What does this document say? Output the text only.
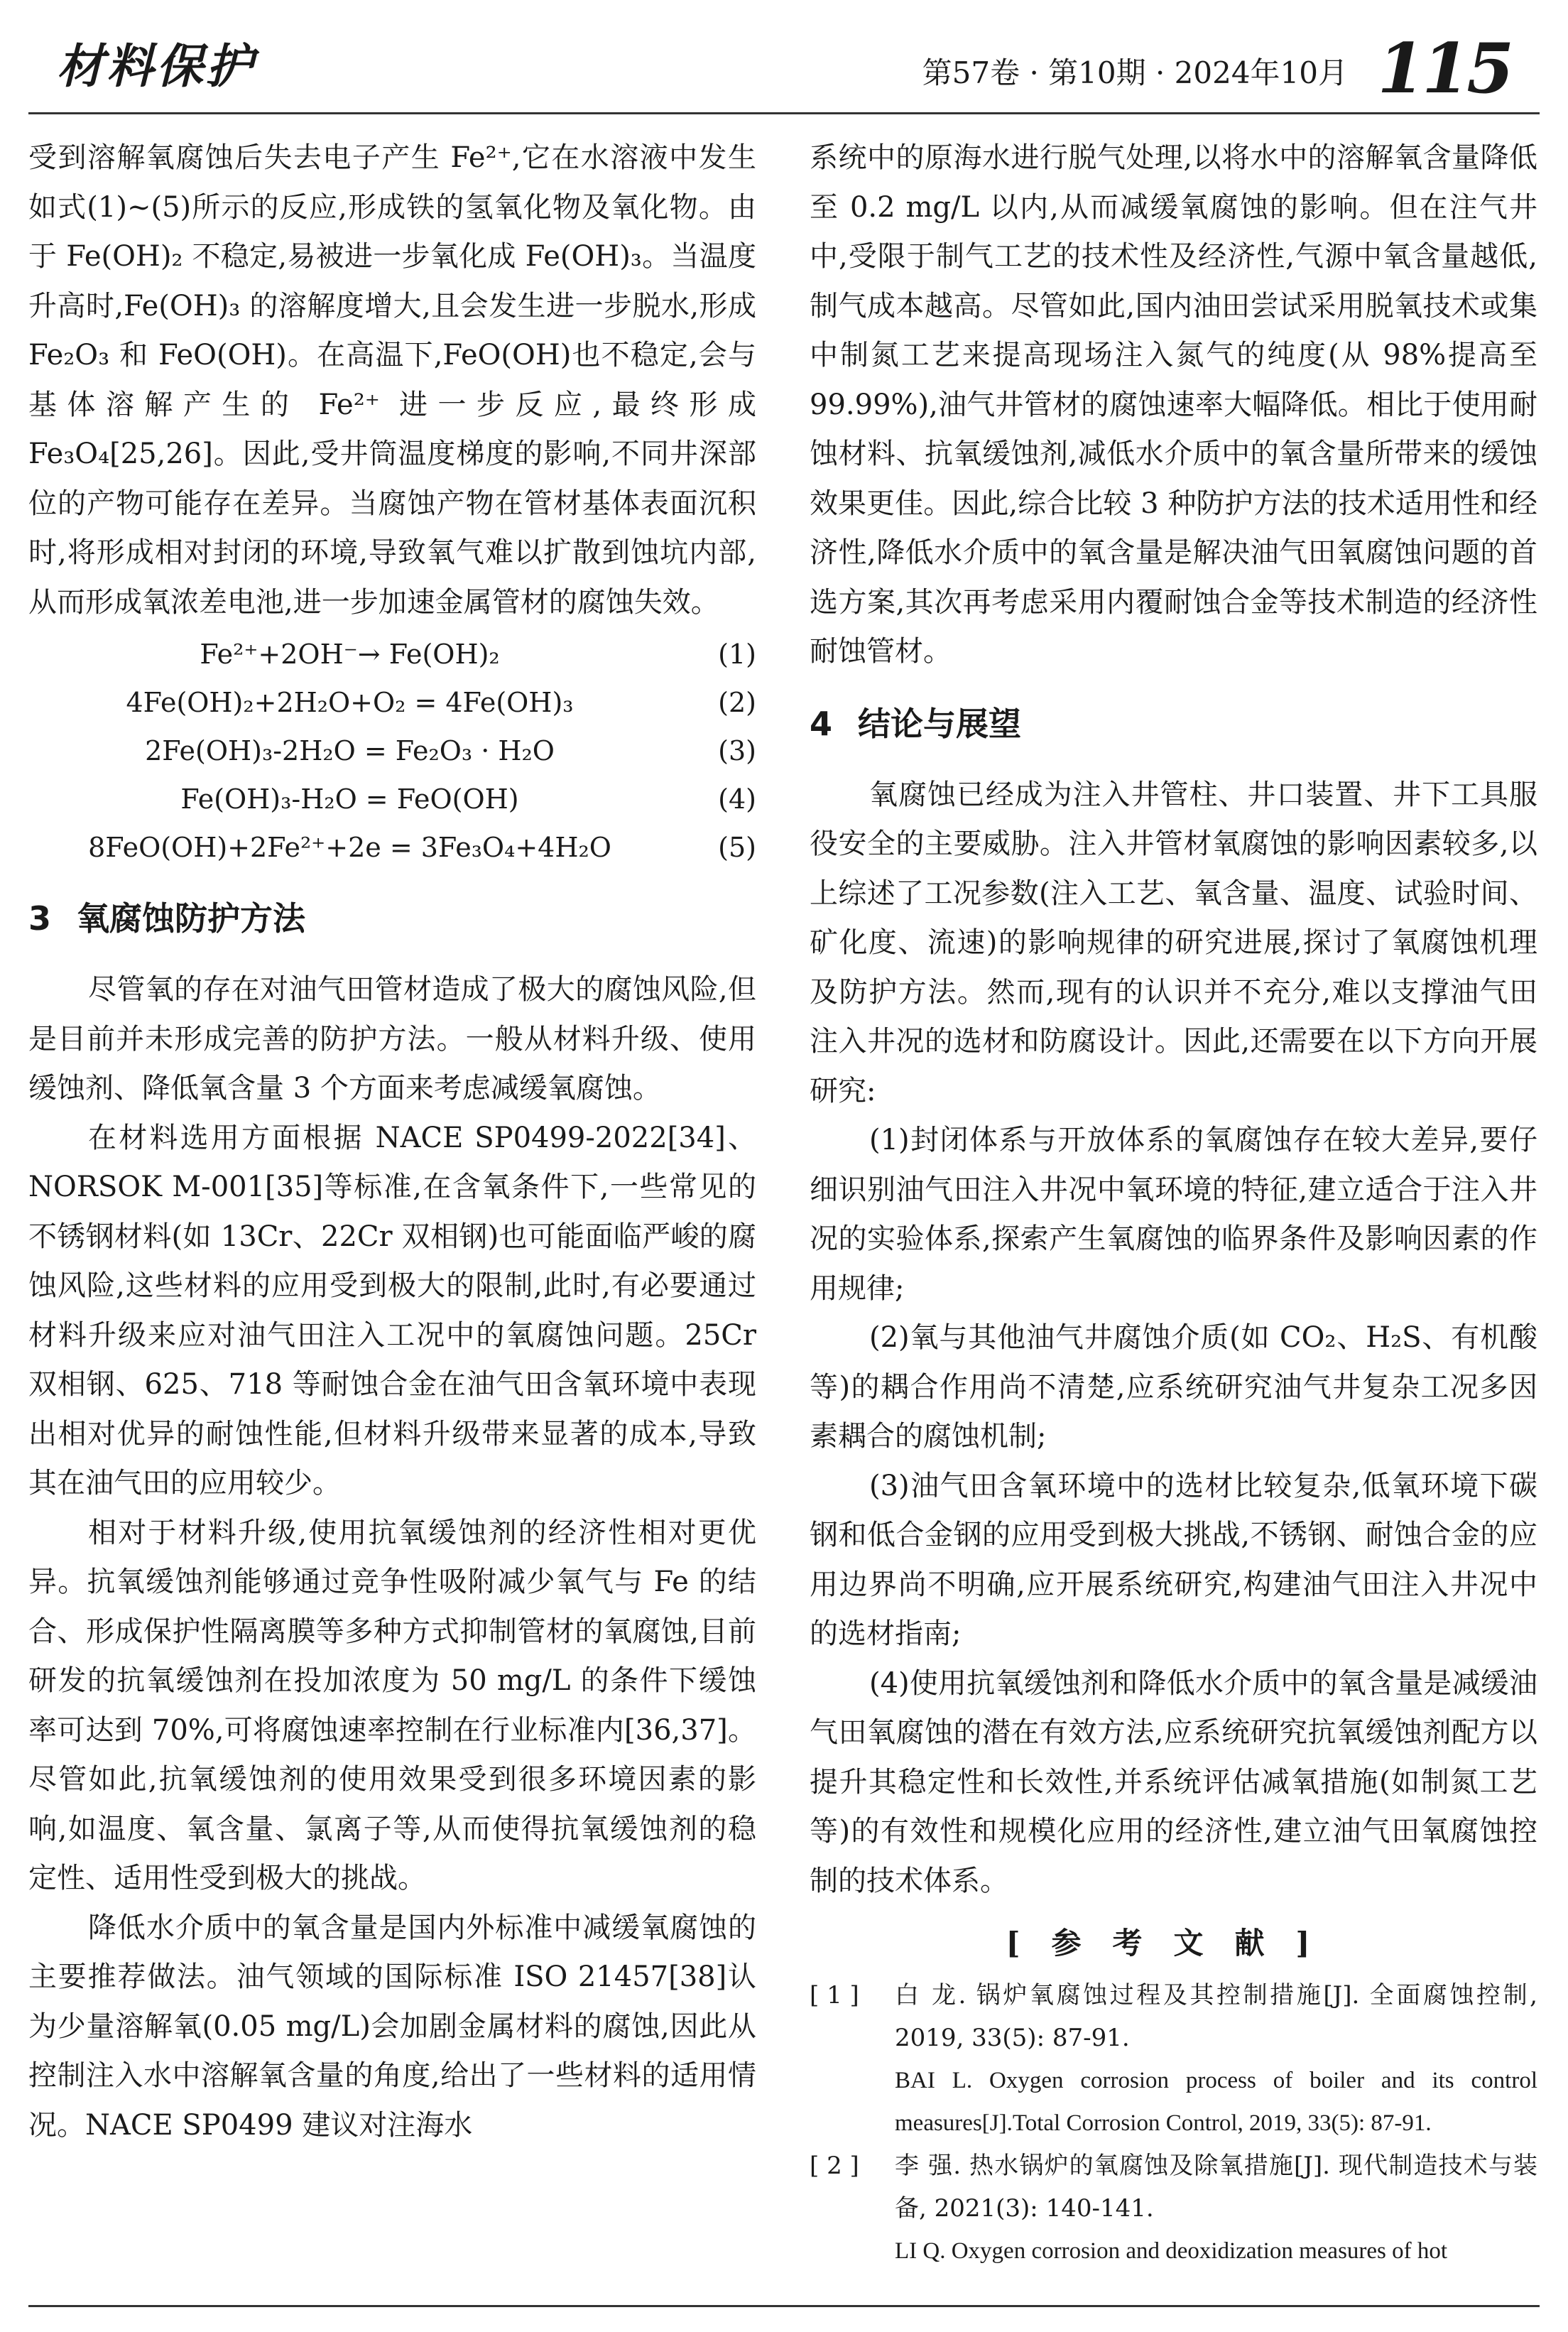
材料保护	第57卷 · 第10期 · 2024年10月 115

受到溶解氧腐蚀后失去电子产生 Fe²⁺,它在水溶液中发生如式(1)~(5)所示的反应,形成铁的氢氧化物及氧化物。由于 Fe(OH)₂ 不稳定,易被进一步氧化成 Fe(OH)₃。当温度升高时,Fe(OH)₃ 的溶解度增大,且会发生进一步脱水,形成 Fe₂O₃ 和 FeO(OH)。在高温下,FeO(OH)也不稳定,会与基体溶解产生的 Fe²⁺ 进一步反应,最终形成 Fe₃O₄[25,26]。因此,受井筒温度梯度的影响,不同井深部位的产物可能存在差异。当腐蚀产物在管材基体表面沉积时,将形成相对封闭的环境,导致氧气难以扩散到蚀坑内部,从而形成氧浓差电池,进一步加速金属管材的腐蚀失效。

Fe²⁺+2OH⁻→ Fe(OH)₂	(1)
4Fe(OH)₂+2H₂O+O₂ = 4Fe(OH)₃	(2)
2Fe(OH)₃-2H₂O = Fe₂O₃ · H₂O	(3)
Fe(OH)₃-H₂O = FeO(OH)	(4)
8FeO(OH)+2Fe²⁺+2e = 3Fe₃O₄+4H₂O	(5)
3 氧腐蚀防护方法

尽管氧的存在对油气田管材造成了极大的腐蚀风险,但是目前并未形成完善的防护方法。一般从材料升级、使用缓蚀剂、降低氧含量 3 个方面来考虑减缓氧腐蚀。

在材料选用方面根据 NACE SP0499-2022[34]、NORSOK M-001[35]等标准,在含氧条件下,一些常见的不锈钢材料(如 13Cr、22Cr 双相钢)也可能面临严峻的腐蚀风险,这些材料的应用受到极大的限制,此时,有必要通过材料升级来应对油气田注入工况中的氧腐蚀问题。25Cr 双相钢、625、718 等耐蚀合金在油气田含氧环境中表现出相对优异的耐蚀性能,但材料升级带来显著的成本,导致其在油气田的应用较少。

相对于材料升级,使用抗氧缓蚀剂的经济性相对更优异。抗氧缓蚀剂能够通过竞争性吸附减少氧气与 Fe 的结合、形成保护性隔离膜等多种方式抑制管材的氧腐蚀,目前研发的抗氧缓蚀剂在投加浓度为 50 mg/L 的条件下缓蚀率可达到 70%,可将腐蚀速率控制在行业标准内[36,37]。尽管如此,抗氧缓蚀剂的使用效果受到很多环境因素的影响,如温度、氧含量、氯离子等,从而使得抗氧缓蚀剂的稳定性、适用性受到极大的挑战。

降低水介质中的氧含量是国内外标准中减缓氧腐蚀的主要推荐做法。油气领域的国际标准 ISO 21457[38]认为少量溶解氧(0.05 mg/L)会加剧金属材料的腐蚀,因此从控制注入水中溶解氧含量的角度,给出了一些材料的适用情况。NACE SP0499 建议对注海水

系统中的原海水进行脱气处理,以将水中的溶解氧含量降低至 0.2 mg/L 以内,从而减缓氧腐蚀的影响。但在注气井中,受限于制气工艺的技术性及经济性,气源中氧含量越低,制气成本越高。尽管如此,国内油田尝试采用脱氧技术或集中制氮工艺来提高现场注入氮气的纯度(从 98%提高至 99.99%),油气井管材的腐蚀速率大幅降低。相比于使用耐蚀材料、抗氧缓蚀剂,减低水介质中的氧含量所带来的缓蚀效果更佳。因此,综合比较 3 种防护方法的技术适用性和经济性,降低水介质中的氧含量是解决油气田氧腐蚀问题的首选方案,其次再考虑采用内覆耐蚀合金等技术制造的经济性耐蚀管材。

4 结论与展望

氧腐蚀已经成为注入井管柱、井口装置、井下工具服役安全的主要威胁。注入井管材氧腐蚀的影响因素较多,以上综述了工况参数(注入工艺、氧含量、温度、试验时间、矿化度、流速)的影响规律的研究进展,探讨了氧腐蚀机理及防护方法。然而,现有的认识并不充分,难以支撑油气田注入井况的选材和防腐设计。因此,还需要在以下方向开展研究:

(1)封闭体系与开放体系的氧腐蚀存在较大差异,要仔细识别油气田注入井况中氧环境的特征,建立适合于注入井况的实验体系,探索产生氧腐蚀的临界条件及影响因素的作用规律;

(2)氧与其他油气井腐蚀介质(如 CO₂、H₂S、有机酸等)的耦合作用尚不清楚,应系统研究油气井复杂工况多因素耦合的腐蚀机制;

(3)油气田含氧环境中的选材比较复杂,低氧环境下碳钢和低合金钢的应用受到极大挑战,不锈钢、耐蚀合金的应用边界尚不明确,应开展系统研究,构建油气田注入井况中的选材指南;

(4)使用抗氧缓蚀剂和降低水介质中的氧含量是减缓油气田氧腐蚀的潜在有效方法,应系统研究抗氧缓蚀剂配方以提升其稳定性和长效性,并系统评估减氧措施(如制氮工艺等)的有效性和规模化应用的经济性,建立油气田氧腐蚀控制的技术体系。

[参考文献]
[ 1 ]	白 龙. 锅炉氧腐蚀过程及其控制措施[J]. 全面腐蚀控制, 2019, 33(5): 87-91.
BAI L. Oxygen corrosion process of boiler and its control measures[J].Total Corrosion Control, 2019, 33(5): 87-91.
[ 2 ]	李 强. 热水锅炉的氧腐蚀及除氧措施[J]. 现代制造技术与装备, 2021(3): 140-141.
LI Q. Oxygen corrosion and deoxidization measures of hot
